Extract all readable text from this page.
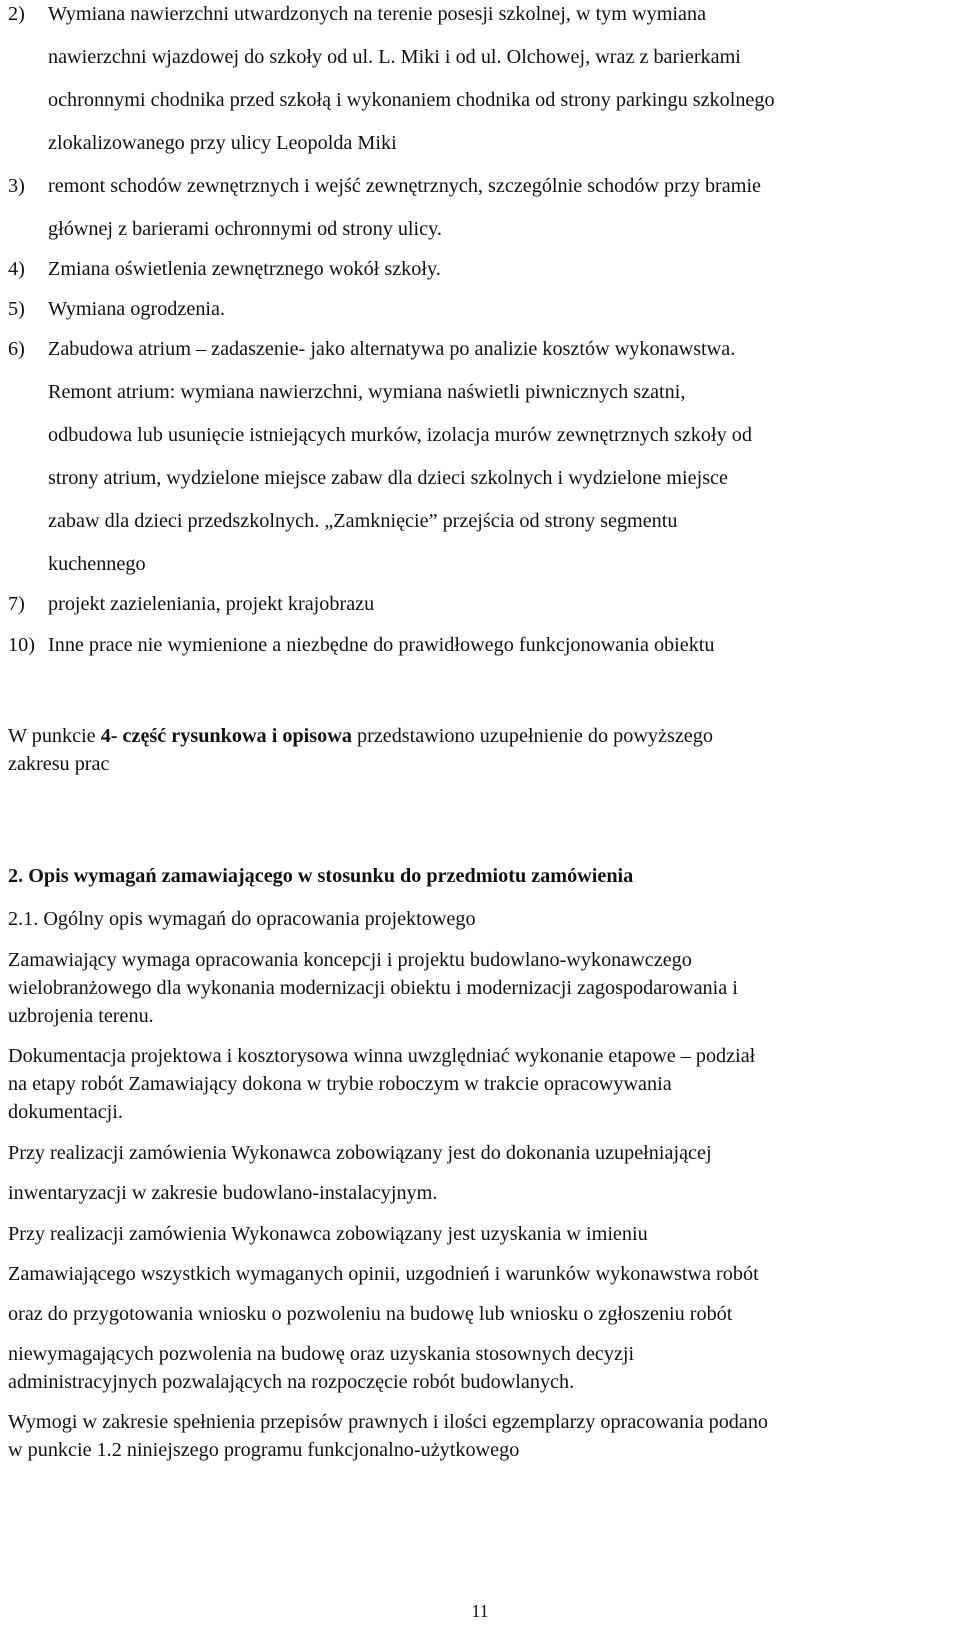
2) Wymiana nawierzchni utwardzonych na terenie posesji szkolnej, w tym wymiana
nawierzchni wjazdowej do szkoły od ul. L. Miki i od ul. Olchowej, wraz z barierkami
ochronnymi chodnika przed szkołą i wykonaniem chodnika od strony parkingu szkolnego
zlokalizowanego przy ulicy Leopolda Miki
3) remont schodów zewnętrznych i wejść zewnętrznych, szczególnie schodów przy bramie
głównej z barierami ochronnymi od strony ulicy.
4) Zmiana oświetlenia zewnętrznego wokół szkoły.
5) Wymiana ogrodzenia.
6) Zabudowa atrium – zadaszenie- jako alternatywa po analizie kosztów wykonawstwa.
Remont atrium: wymiana nawierzchni, wymiana naświetli piwnicznych szatni,
odbudowa lub usunięcie istniejących murków, izolacja murów zewnętrznych szkoły od
strony atrium, wydzielone miejsce zabaw dla dzieci szkolnych i wydzielone miejsce
zabaw dla dzieci przedszkolnych. „Zamknięcie” przejścia od strony segmentu
kuchennego
7) projekt zazieleniania, projekt krajobrazu
10) Inne prace nie wymienione a niezbędne do prawidłowego funkcjonowania obiektu
W punkcie 4- część rysunkowa i opisowa przedstawiono uzupełnienie do powyższego
zakresu prac
2. Opis wymagań zamawiającego w stosunku do przedmiotu zamówienia
2.1. Ogólny opis wymagań do opracowania projektowego
Zamawiający wymaga opracowania koncepcji i projektu budowlano-wykonawczego
wielobranżowego dla wykonania modernizacji obiektu i modernizacji zagospodarowania i
uzbrojenia terenu.
Dokumentacja projektowa i kosztorysowa winna uwzględniać wykonanie etapowe – podział
na etapy robót Zamawiający dokona w trybie roboczym w trakcie opracowywania
dokumentacji.
Przy realizacji zamówienia Wykonawca zobowiązany jest do dokonania uzupełniającej
inwentaryzacji w zakresie budowlano-instalacyjnym.
Przy realizacji zamówienia Wykonawca zobowiązany jest uzyskania w imieniu
Zamawiającego wszystkich wymaganych opinii, uzgodnień i warunków wykonawstwa robót
oraz do przygotowania wniosku o pozwoleniu na budowę lub wniosku o zgłoszeniu robót
niewymagających pozwolenia na budowę oraz uzyskania stosownych decyzji
administracyjnych pozwalających na rozpoczęcie robót budowlanych.
Wymogi w zakresie spełnienia przepisów prawnych i ilości egzemplarzy opracowania podano
w punkcie 1.2 niniejszego programu funkcjonalno-użytkowego
11
